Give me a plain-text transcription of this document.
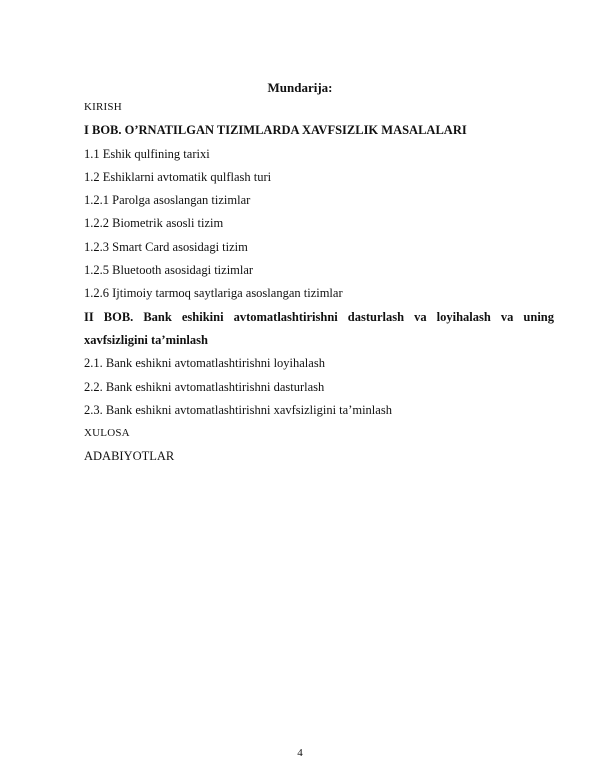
Mundarija:
KIRISH
I BOB. O’RNATILGAN TIZIMLARDA XAVFSIZLIK MASALALARI
1.1 Eshik qulfining tarixi
1.2 Eshiklarni avtomatik qulflash turi
1.2.1 Parolga asoslangan tizimlar
1.2.2 Biometrik asosli tizim
1.2.3 Smart Card asosidagi tizim
1.2.5 Bluetooth asosidagi tizimlar
1.2.6 Ijtimoiy tarmoq saytlariga asoslangan tizimlar
II BOB. Bank eshikini avtomatlashtirishni dasturlash va loyihalash va uning
xavfsizligini ta’minlash
2.1. Bank eshikni avtomatlashtirishni loyihalash
2.2. Bank eshikni avtomatlashtirishni dasturlash
2.3. Bank eshikni avtomatlashtirishni xavfsizligini ta’minlash
XULOSA
ADABIYOTLAR
4
